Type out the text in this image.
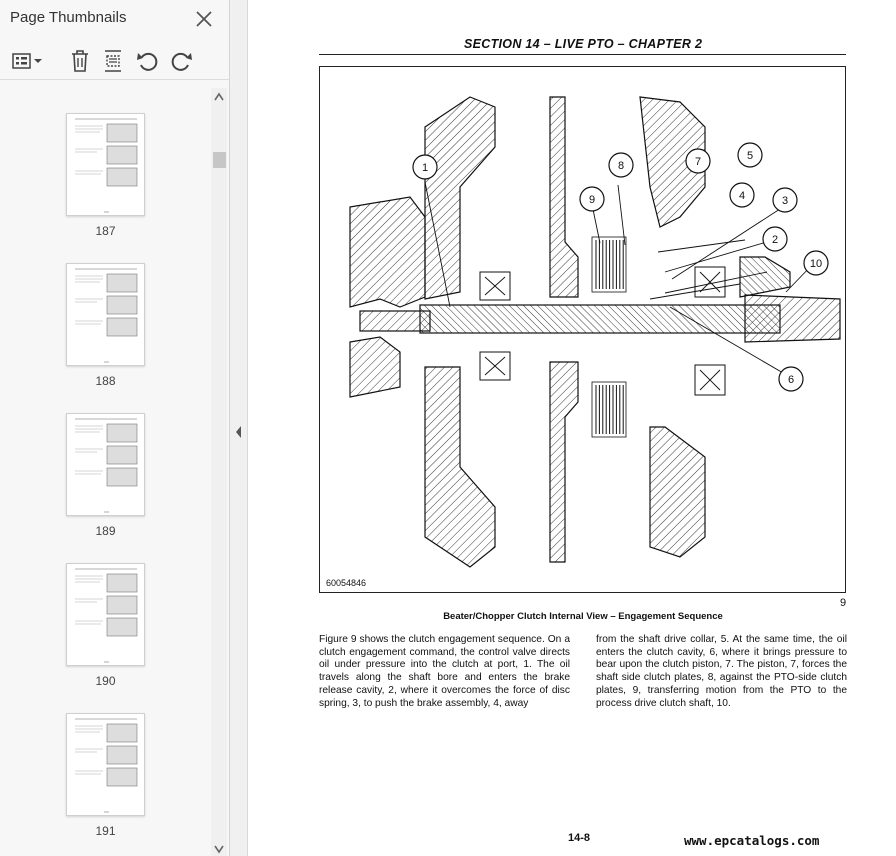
Page Thumbnails
187
188
189
190
191
SECTION 14 – LIVE PTO – CHAPTER 2
1
2
3
4
5
6
7
8
9
10
60054846
9
Beater/Chopper Clutch Internal View – Engagement Sequence

Figure 9 shows the clutch engagement sequence. On a clutch engagement command, the control valve directs oil under pressure into the clutch at port, 1. The oil travels along the shaft bore and enters the brake release cavity, 2, where it overcomes the force of disc spring, 3, to push the brake assembly, 4, away

from the shaft drive collar, 5. At the same time, the oil enters the clutch cavity, 6, where it brings pressure to bear upon the clutch piston, 7. The piston, 7, forces the shaft side clutch plates, 8, against the PTO-side clutch plates, 9, transferring motion from the PTO to the process drive clutch shaft, 10.

14-8	www.epcatalogs.com
